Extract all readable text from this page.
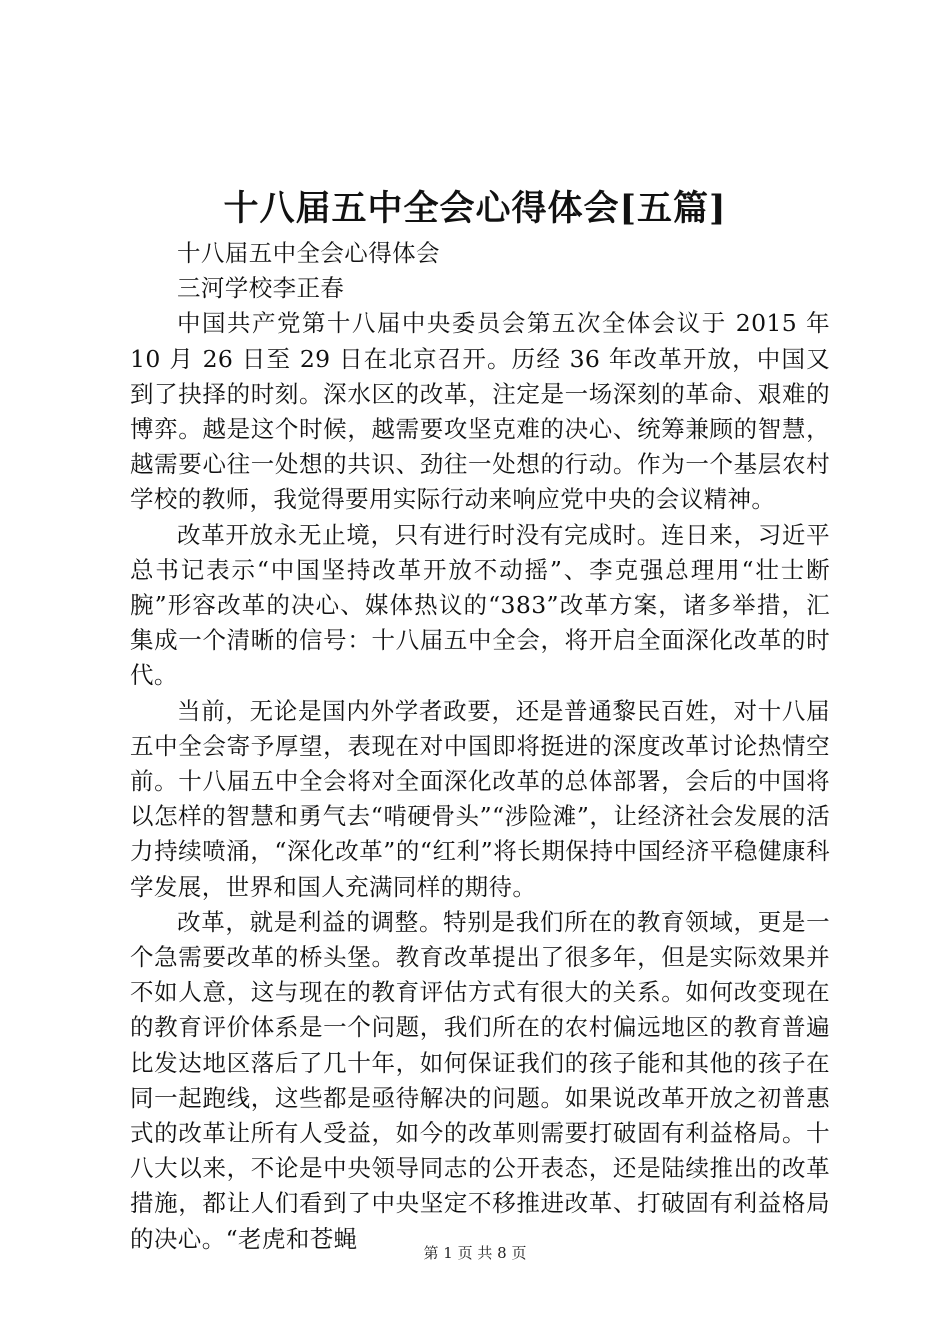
十八届五中全会心得体会[五篇]

十八届五中全会心得体会

三河学校李正春

中国共产党第十八届中央委员会第五次全体会议于 2015 年 10 月 26 日至 29 日在北京召开。历经 36 年改革开放，中国又到了抉择的时刻。深水区的改革，注定是一场深刻的革命、艰难的博弈。越是这个时候，越需要攻坚克难的决心、统筹兼顾的智慧，越需要心往一处想的共识、劲往一处想的行动。作为一个基层农村学校的教师，我觉得要用实际行动来响应党中央的会议精神。

改革开放永无止境，只有进行时没有完成时。连日来，习近平总书记表示“中国坚持改革开放不动摇”、李克强总理用“壮士断腕”形容改革的决心、媒体热议的“383”改革方案，诸多举措，汇集成一个清晰的信号：十八届五中全会，将开启全面深化改革的时代。

当前，无论是国内外学者政要，还是普通黎民百姓，对十八届五中全会寄予厚望，表现在对中国即将挺进的深度改革讨论热情空前。十八届五中全会将对全面深化改革的总体部署，会后的中国将以怎样的智慧和勇气去“啃硬骨头”“涉险滩”，让经济社会发展的活力持续喷涌，“深化改革”的“红利”将长期保持中国经济平稳健康科学发展，世界和国人充满同样的期待。

改革，就是利益的调整。特别是我们所在的教育领域，更是一个急需要改革的桥头堡。教育改革提出了很多年，但是实际效果并不如人意，这与现在的教育评估方式有很大的关系。如何改变现在的教育评价体系是一个问题，我们所在的农村偏远地区的教育普遍比发达地区落后了几十年，如何保证我们的孩子能和其他的孩子在同一起跑线，这些都是亟待解决的问题。如果说改革开放之初普惠式的改革让所有人受益，如今的改革则需要打破固有利益格局。十八大以来，不论是中央领导同志的公开表态，还是陆续推出的改革措施，都让人们看到了中央坚定不移推进改革、打破固有利益格局的决心。“老虎和苍蝇

第 1 页 共 8 页
